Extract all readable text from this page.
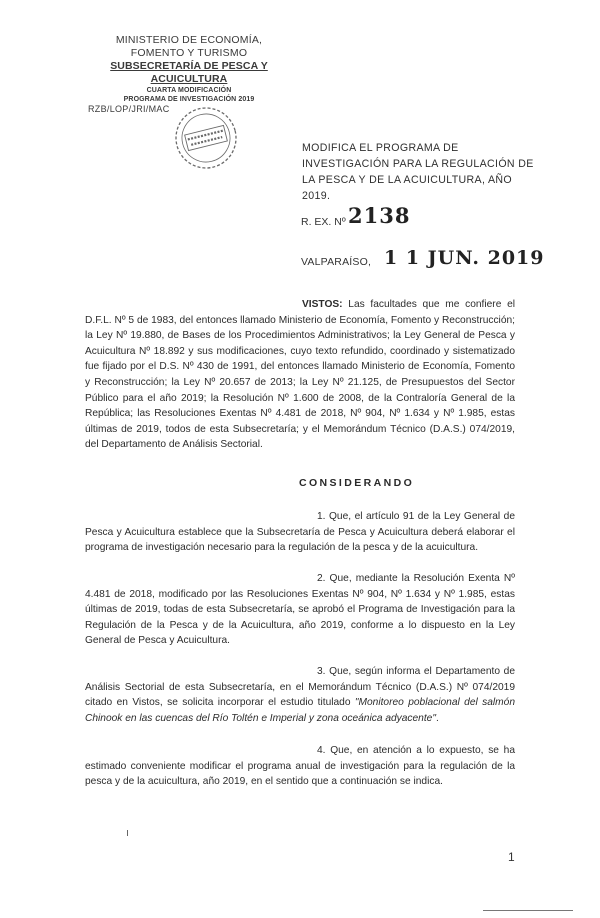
MINISTERIO DE ECONOMÍA,
FOMENTO Y TURISMO
SUBSECRETARÍA DE PESCA Y ACUICULTURA
CUARTA MODIFICACIÓN
PROGRAMA DE INVESTIGACIÓN 2019
RZB/LOP/JRI/MAC
MODIFICA EL PROGRAMA DE INVESTIGACIÓN PARA LA REGULACIÓN DE LA PESCA Y DE LA ACUICULTURA, AÑO 2019.
R. EX. Nº 2138
VALPARAÍSO, 1 1 JUN. 2019
VISTOS: Las facultades que me confiere el D.F.L. Nº 5 de 1983, del entonces llamado Ministerio de Economía, Fomento y Reconstrucción; la Ley Nº 19.880, de Bases de los Procedimientos Administrativos; la Ley General de Pesca y Acuicultura Nº 18.892 y sus modificaciones, cuyo texto refundido, coordinado y sistematizado fue fijado por el D.S. Nº 430 de 1991, del entonces llamado Ministerio de Economía, Fomento y Reconstrucción; la Ley Nº 20.657 de 2013; la Ley Nº 21.125, de Presupuestos del Sector Público para el año 2019; la Resolución Nº 1.600 de 2008, de la Contraloría General de la República; las Resoluciones Exentas Nº 4.481 de 2018, Nº 904, Nº 1.634 y Nº 1.985, estas últimas de 2019, todos de esta Subsecretaría; y el Memorándum Técnico (D.A.S.) 074/2019, del Departamento de Análisis Sectorial.
CONSIDERANDO
1. Que, el artículo 91 de la Ley General de Pesca y Acuicultura establece que la Subsecretaría de Pesca y Acuicultura deberá elaborar el programa de investigación necesario para la regulación de la pesca y de la acuicultura.
2. Que, mediante la Resolución Exenta Nº 4.481 de 2018, modificado por las Resoluciones Exentas Nº 904, Nº 1.634 y Nº 1.985, estas últimas de 2019, todas de esta Subsecretaría, se aprobó el Programa de Investigación para la Regulación de la Pesca y de la Acuicultura, año 2019, conforme a lo dispuesto en la Ley General de Pesca y Acuicultura.
3. Que, según informa el Departamento de Análisis Sectorial de esta Subsecretaría, en el Memorándum Técnico (D.A.S.) Nº 074/2019 citado en Vistos, se solicita incorporar el estudio titulado "Monitoreo poblacional del salmón Chinook en las cuencas del Río Toltén e Imperial y zona oceánica adyacente".
4. Que, en atención a lo expuesto, se ha estimado conveniente modificar el programa anual de investigación para la regulación de la pesca y de la acuicultura, año 2019, en el sentido que a continuación se indica.
1
